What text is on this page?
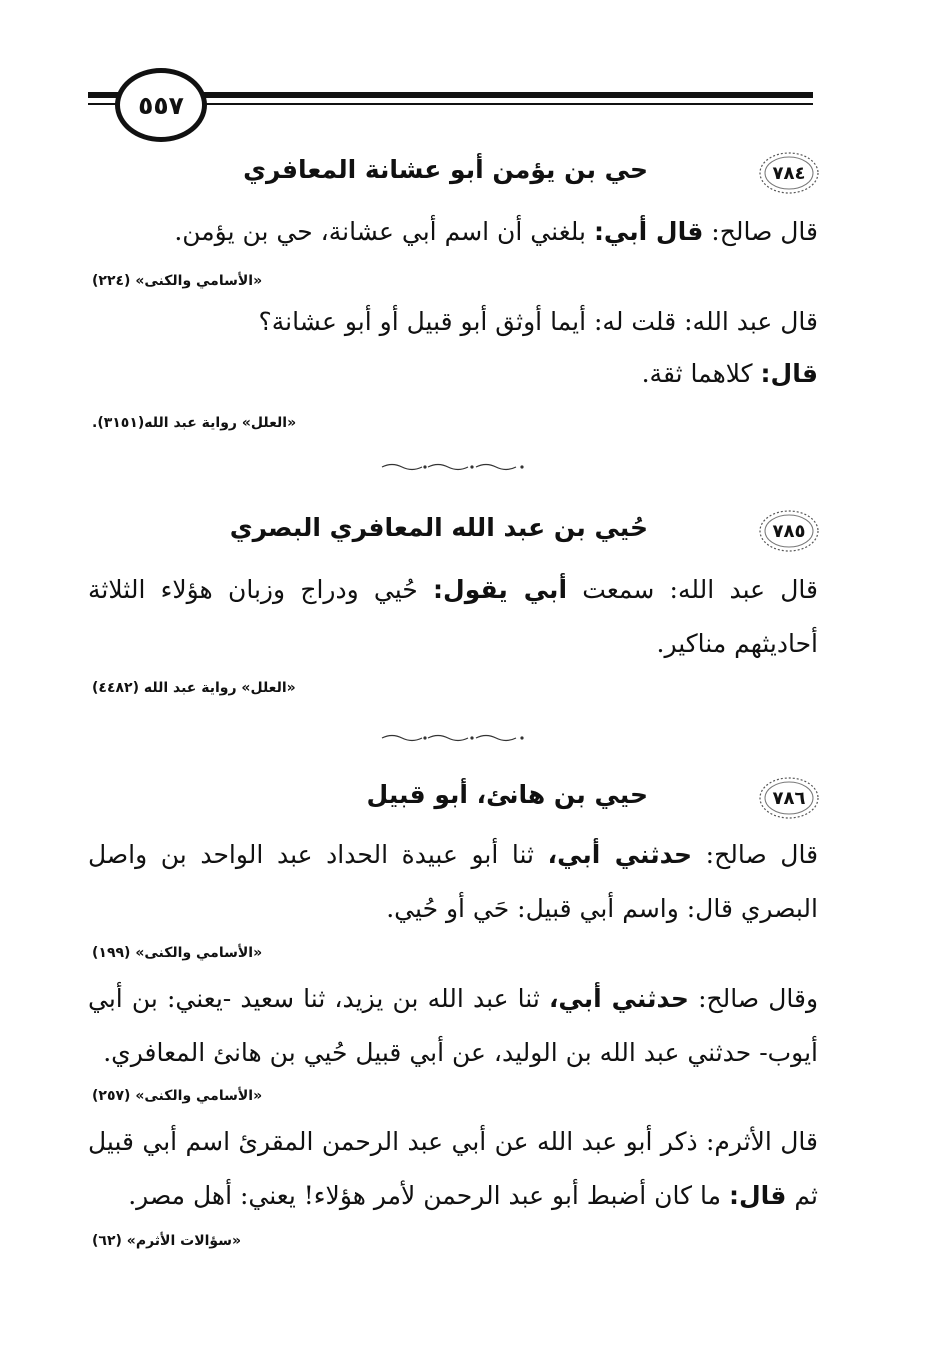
٥٥٧
٧٨٤
حي بن يؤمن أبو عشانة المعافري
قال صالح: قال أبي: بلغني أن اسم أبي عشانة، حي بن يؤمن.
«الأسامي والكنى» (٢٢٤)
قال عبد الله: قلت له: أيما أوثق أبو قبيل أو أبو عشانة؟
قال: كلاهما ثقة.
«العلل» رواية عبد الله(٣١٥١).
٧٨٥
حُيي بن عبد الله المعافري البصري
قال عبد الله: سمعت أبي يقول: حُيي ودراج وزبان هؤلاء الثلاثة أحاديثهم مناكير.
«العلل» رواية عبد الله (٤٤٨٢)
٧٨٦
حيي بن هانئ، أبو قبيل
قال صالح: حدثني أبي، ثنا أبو عبيدة الحداد عبد الواحد بن واصل البصري قال: واسم أبي قبيل: حَي أو حُيي.
«الأسامي والكنى» (١٩٩)
وقال صالح: حدثني أبي، ثنا عبد الله بن يزيد، ثنا سعيد -يعني: بن أبي أيوب- حدثني عبد الله بن الوليد، عن أبي قبيل حُيي بن هانئ المعافري.
«الأسامي والكنى» (٢٥٧)
قال الأثرم: ذكر أبو عبد الله عن أبي عبد الرحمن المقرئ اسم أبي قبيل ثم قال: ما كان أضبط أبو عبد الرحمن لأمر هؤلاء! يعني: أهل مصر.
«سؤالات الأثرم» (٦٢)
